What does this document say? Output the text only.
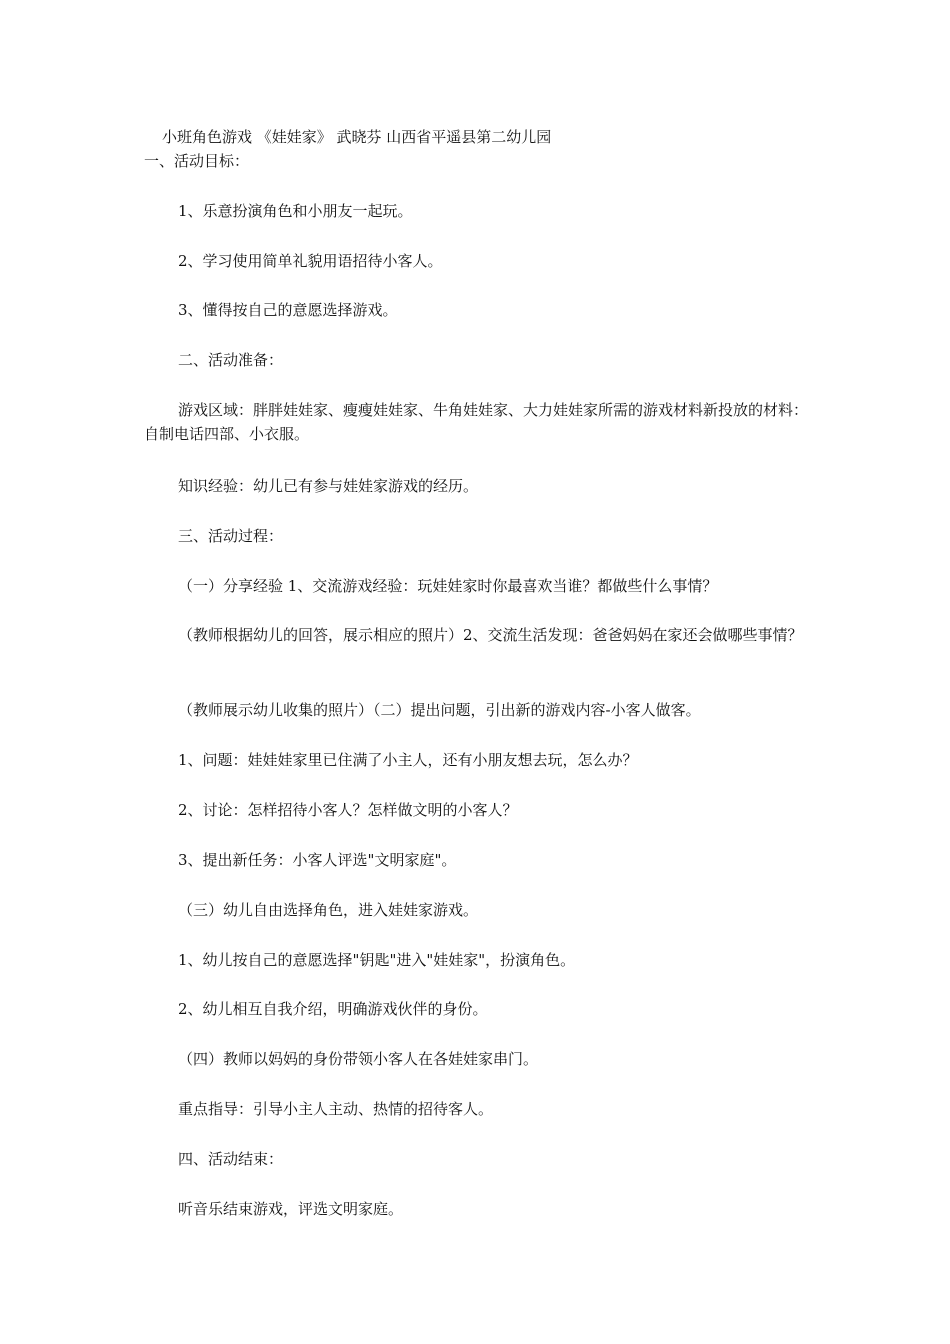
小班角色游戏 《娃娃家》 武晓芬 山西省平遥县第二幼儿园
一、活动目标：
1、乐意扮演角色和小朋友一起玩。
2、学习使用简单礼貌用语招待小客人。
3、懂得按自己的意愿选择游戏。
二、活动准备：
游戏区域：胖胖娃娃家、瘦瘦娃娃家、牛角娃娃家、大力娃娃家所需的游戏材料新投放的材料：自制电话四部、小衣服。
知识经验：幼儿已有参与娃娃家游戏的经历。
三、活动过程：
（一）分享经验 1、交流游戏经验：玩娃娃家时你最喜欢当谁？都做些什么事情？
（教师根据幼儿的回答，展示相应的照片）2、交流生活发现：爸爸妈妈在家还会做哪些事情？
（教师展示幼儿收集的照片）（二）提出问题，引出新的游戏内容-小客人做客。
1、问题：娃娃娃家里已住满了小主人，还有小朋友想去玩，怎么办？
2、讨论：怎样招待小客人？怎样做文明的小客人？
3、提出新任务：小客人评选"文明家庭"。
（三）幼儿自由选择角色，进入娃娃家游戏。
1、幼儿按自己的意愿选择"钥匙"进入"娃娃家"，扮演角色。
2、幼儿相互自我介绍，明确游戏伙伴的身份。
（四）教师以妈妈的身份带领小客人在各娃娃家串门。
重点指导：引导小主人主动、热情的招待客人。
四、活动结束：
听音乐结束游戏，评选文明家庭。
